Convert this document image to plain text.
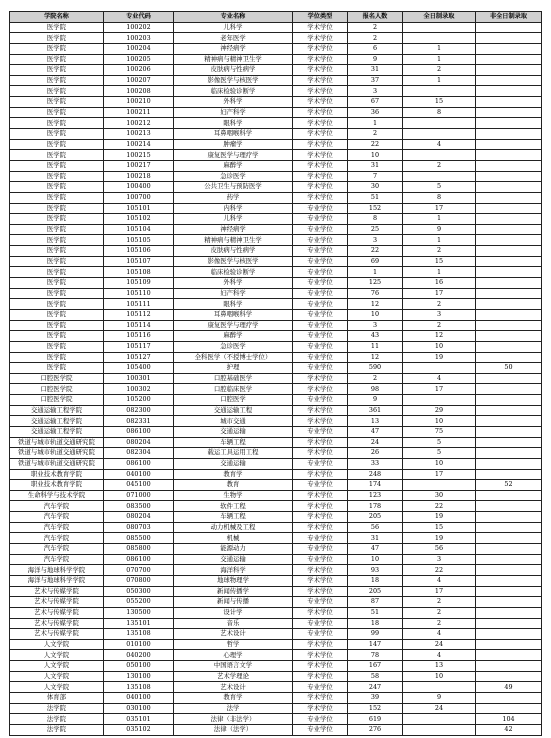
学院名称	专业代码	专业名称	学位类型	报名人数	全日制录取	非全日制录取
医学院	100202	儿科学	学术学位	2		
医学院	100203	老年医学	学术学位	2		
医学院	100204	神经病学	学术学位	6	1	
医学院	100205	精神病与精神卫生学	学术学位	9	1	
医学院	100206	皮肤病与性病学	学术学位	31	2	
医学院	100207	影像医学与核医学	学术学位	37	1	
医学院	100208	临床检验诊断学	学术学位	3		
医学院	100210	外科学	学术学位	67	15	
医学院	100211	妇产科学	学术学位	36	8	
医学院	100212	眼科学	学术学位	1		
医学院	100213	耳鼻咽喉科学	学术学位	2		
医学院	100214	肿瘤学	学术学位	22	4	
医学院	100215	康复医学与理疗学	学术学位	10		
医学院	100217	麻醉学	学术学位	31	2	
医学院	100218	急诊医学	学术学位	7		
医学院	100400	公共卫生与预防医学	学术学位	30	5	
医学院	100700	药学	学术学位	51	8	
医学院	105101	内科学	专业学位	152	17	
医学院	105102	儿科学	专业学位	8	1	
医学院	105104	神经病学	专业学位	25	9	
医学院	105105	精神病与精神卫生学	专业学位	3	1	
医学院	105106	皮肤病与性病学	专业学位	22	2	
医学院	105107	影像医学与核医学	专业学位	69	15	
医学院	105108	临床检验诊断学	专业学位	1	1	
医学院	105109	外科学	专业学位	125	16	
医学院	105110	妇产科学	专业学位	76	17	
医学院	105111	眼科学	专业学位	12	2	
医学院	105112	耳鼻咽喉科学	专业学位	10	3	
医学院	105114	康复医学与理疗学	专业学位	3	2	
医学院	105116	麻醉学	专业学位	43	12	
医学院	105117	急诊医学	专业学位	11	10	
医学院	105127	全科医学（不授博士学位）	专业学位	12	19	
医学院	105400	护理	专业学位	590		50
口腔医学院	100301	口腔基础医学	学术学位	2	4	
口腔医学院	100302	口腔临床医学	学术学位	98	17	
口腔医学院	105200	口腔医学	专业学位	9		
交通运输工程学院	082300	交通运输工程	学术学位	361	29	
交通运输工程学院	082331	城市交通	学术学位	13	10	
交通运输工程学院	086100	交通运输	专业学位	47	75	
铁道与城市轨道交通研究院	080204	车辆工程	学术学位	24	5	
铁道与城市轨道交通研究院	082304	载运工具运用工程	学术学位	26	5	
铁道与城市轨道交通研究院	086100	交通运输	专业学位	33	10	
职业技术教育学院	040100	教育学	学术学位	248	17	
职业技术教育学院	045100	教育	专业学位	174		52
生命科学与技术学院	071000	生物学	学术学位	123	30	
汽车学院	083500	软件工程	学术学位	178	22	
汽车学院	080204	车辆工程	学术学位	205	19	
汽车学院	080703	动力机械及工程	学术学位	56	15	
汽车学院	085500	机械	专业学位	31	19	
汽车学院	085800	能源动力	专业学位	47	56	
汽车学院	086100	交通运输	专业学位	10	3	
海洋与地球科学学院	070700	海洋科学	学术学位	93	22	
海洋与地球科学学院	070800	地球物理学	学术学位	18	4	
艺术与传媒学院	050300	新闻传播学	学术学位	205	17	
艺术与传媒学院	055200	新闻与传播	专业学位	87	2	
艺术与传媒学院	130500	设计学	学术学位	51	2	
艺术与传媒学院	135101	音乐	专业学位	18	2	
艺术与传媒学院	135108	艺术设计	专业学位	99	4	
人文学院	010100	哲学	学术学位	147	24	
人文学院	040200	心理学	学术学位	78	4	
人文学院	050100	中国语言文学	学术学位	167	13	
人文学院	130100	艺术学理论	学术学位	58	10	
人文学院	135108	艺术设计	专业学位	247		49
体育部	040100	教育学	学术学位	39	9	
法学院	030100	法学	学术学位	152	24	
法学院	035101	法律（非法学）	专业学位	619		104
法学院	035102	法律（法学）	专业学位	276		42
